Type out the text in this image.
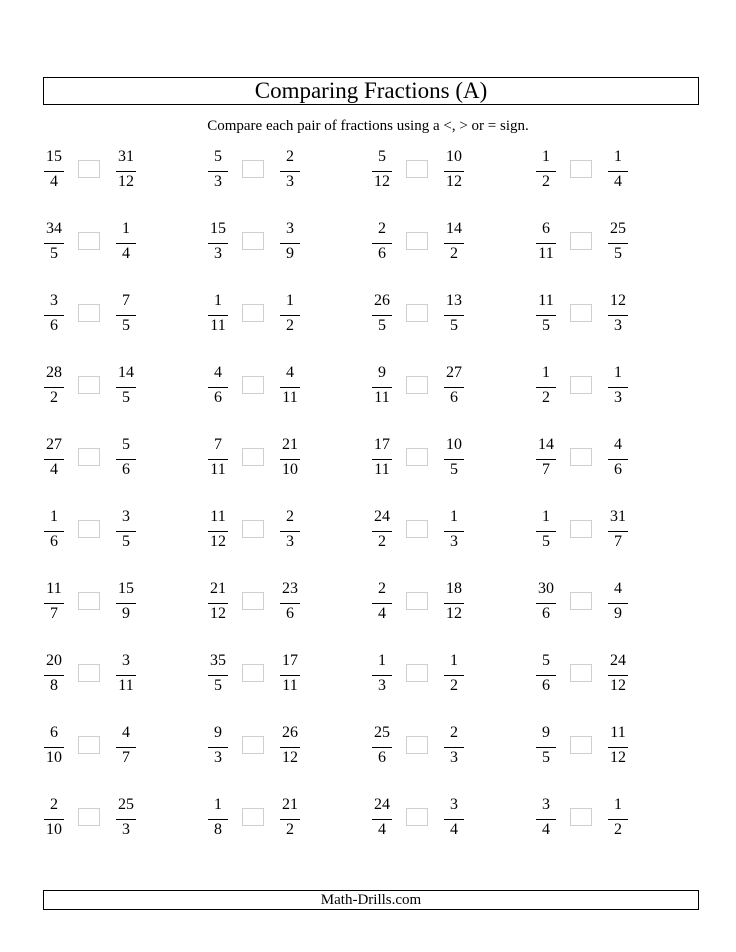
Comparing Fractions (A)
Compare each pair of fractions using a <, > or = sign.
15
4
31
12
5
3
2
3
5
12
10
12
1
2
1
4
34
5
1
4
15
3
3
9
2
6
14
2
6
11
25
5
3
6
7
5
1
11
1
2
26
5
13
5
11
5
12
3
28
2
14
5
4
6
4
11
9
11
27
6
1
2
1
3
27
4
5
6
7
11
21
10
17
11
10
5
14
7
4
6
1
6
3
5
11
12
2
3
24
2
1
3
1
5
31
7
11
7
15
9
21
12
23
6
2
4
18
12
30
6
4
9
20
8
3
11
35
5
17
11
1
3
1
2
5
6
24
12
6
10
4
7
9
3
26
12
25
6
2
3
9
5
11
12
2
10
25
3
1
8
21
2
24
4
3
4
3
4
1
2
Math-Drills.com
